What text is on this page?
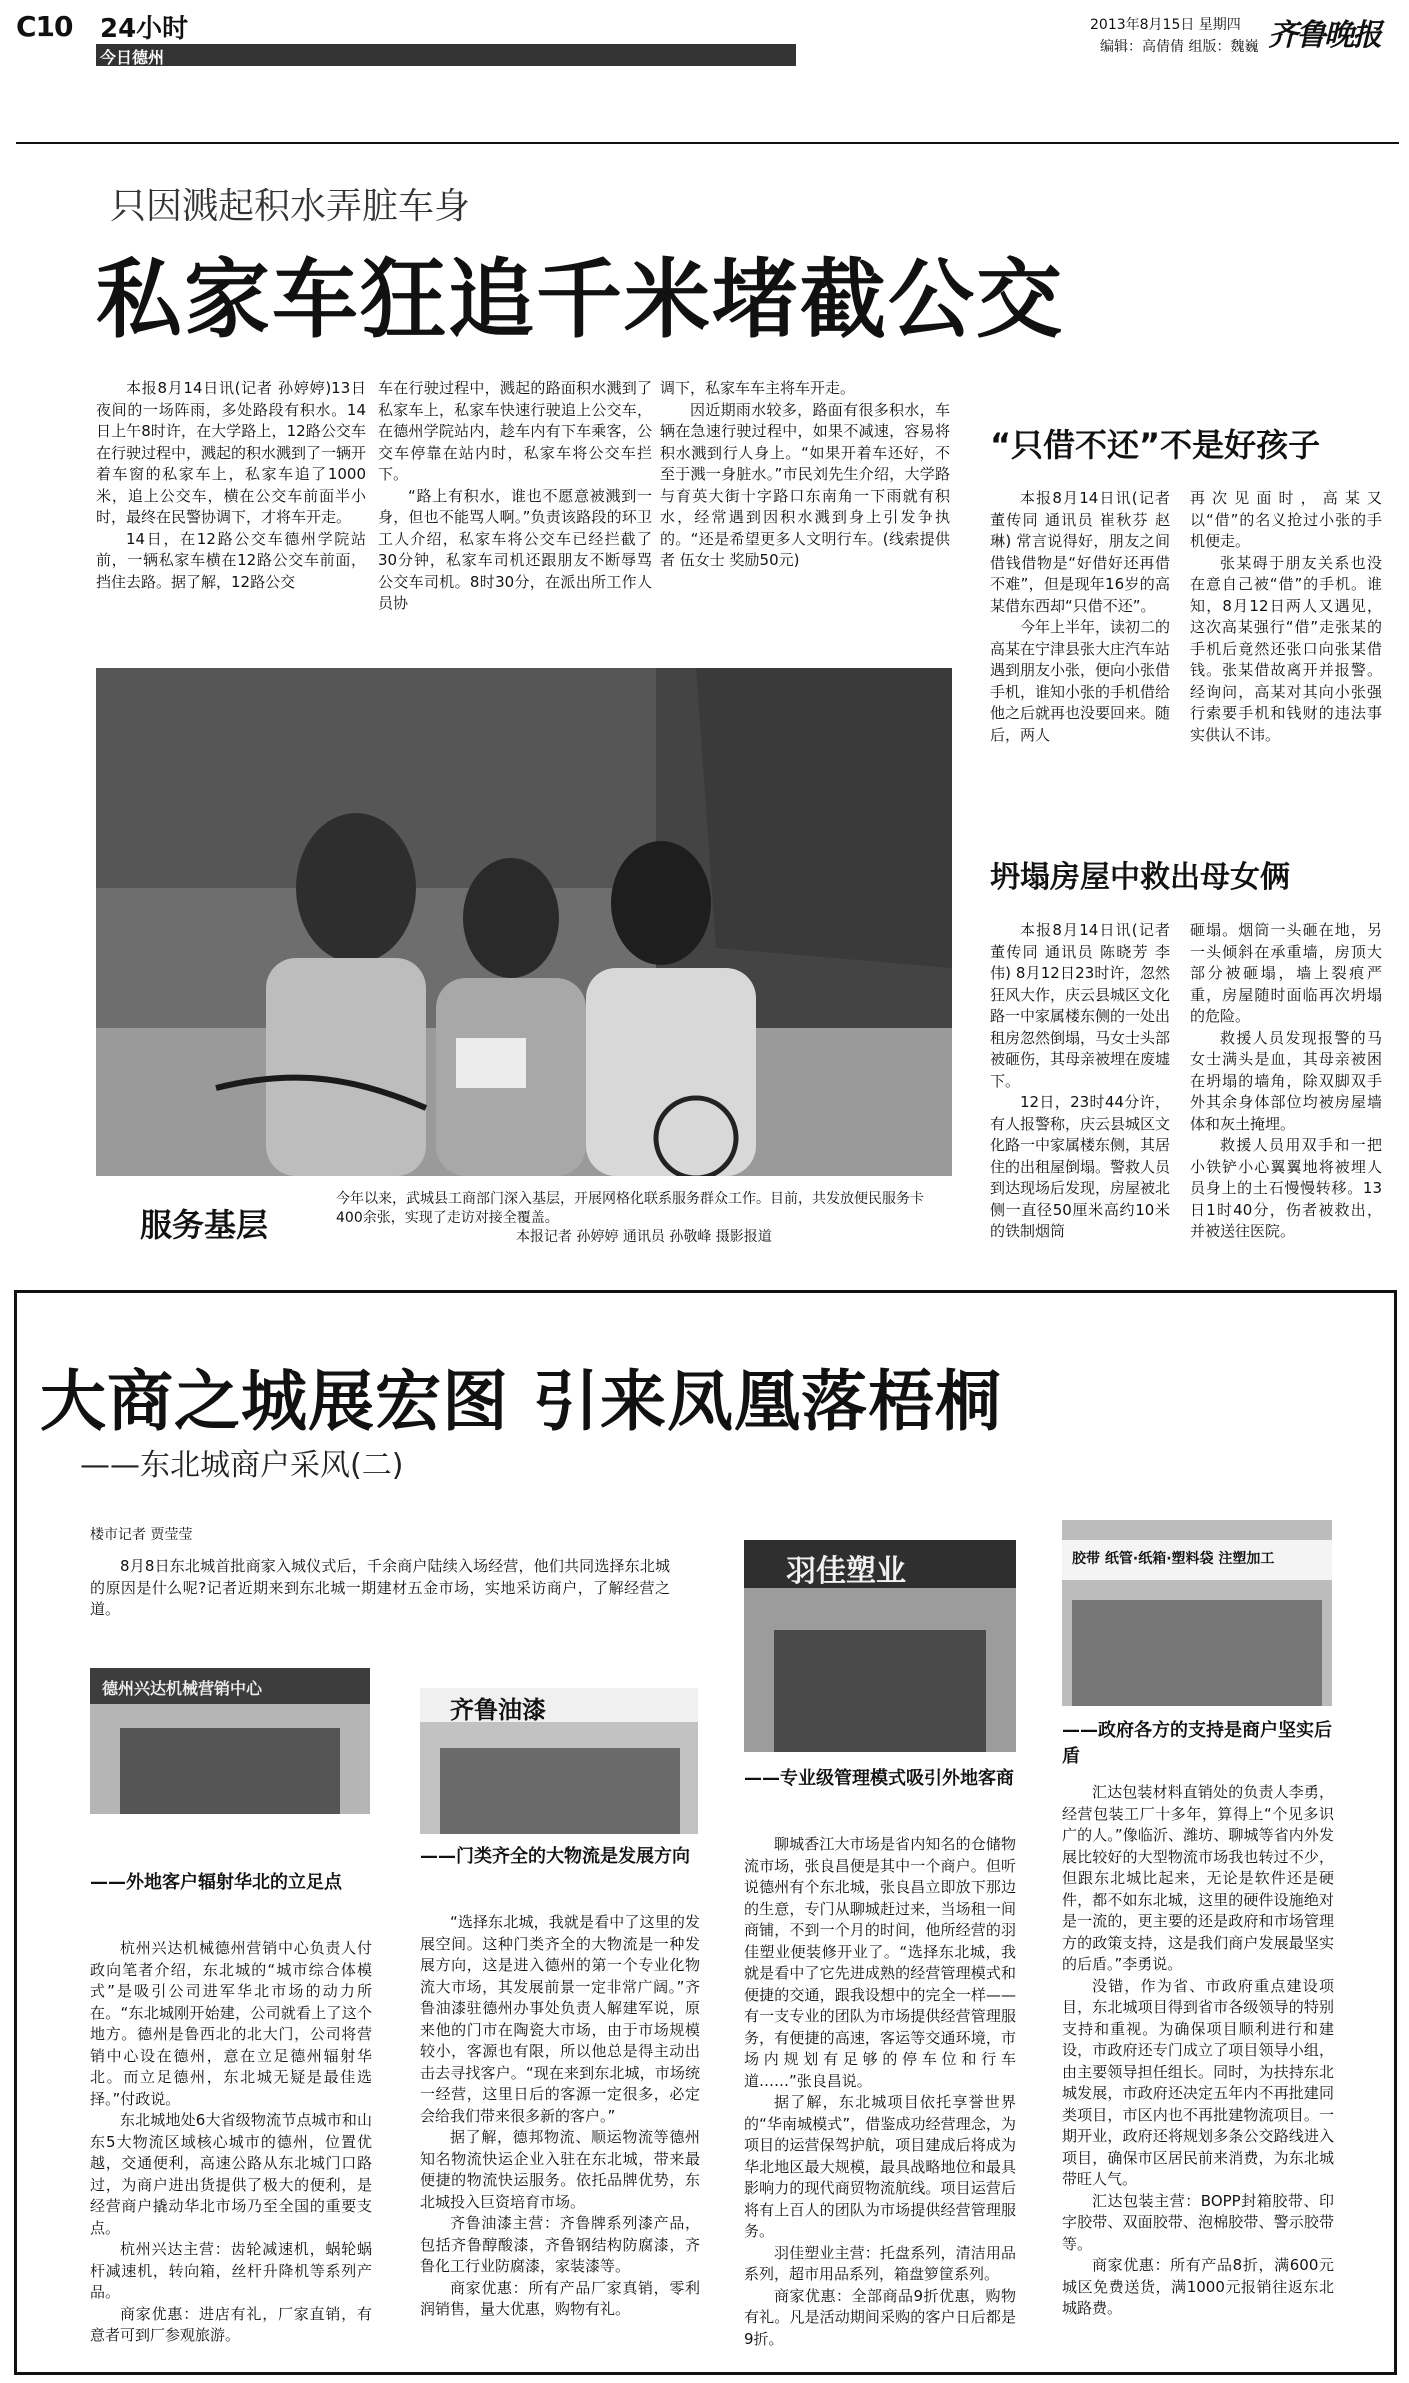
C10 24小时
今日德州
2013年8月15日 星期四
编辑：高倩倩 组版：魏巍 齐鲁晚报
只因溅起积水弄脏车身
私家车狂追千米堵截公交

本报8月14日讯(记者 孙婷婷)13日夜间的一场阵雨，多处路段有积水。14日上午8时许，在大学路上，12路公交车在行驶过程中，溅起的积水溅到了一辆开着车窗的私家车上，私家车追了1000米，追上公交车，横在公交车前面半小时，最终在民警协调下，才将车开走。

14日，在12路公交车德州学院站前，一辆私家车横在12路公交车前面，挡住去路。据了解，12路公交

车在行驶过程中，溅起的路面积水溅到了私家车上，私家车快速行驶追上公交车，在德州学院站内，趁车内有下车乘客，公交车停靠在站内时，私家车将公交车拦下。

“路上有积水，谁也不愿意被溅到一身，但也不能骂人啊。”负责该路段的环卫工人介绍，私家车将公交车已经拦截了30分钟，私家车司机还跟朋友不断辱骂公交车司机。8时30分，在派出所工作人员协

调下，私家车车主将车开走。

因近期雨水较多，路面有很多积水，车辆在急速行驶过程中，如果不减速，容易将积水溅到行人身上。“如果开着车还好，不至于溅一身脏水。”市民刘先生介绍，大学路与育英大街十字路口东南角一下雨就有积水，经常遇到因积水溅到身上引发争执的。“还是希望更多人文明行车。(线索提供者 伍女士 奖励50元)

服务基层
今年以来，武城县工商部门深入基层，开展网格化联系服务群众工作。目前，共发放便民服务卡400余张，实现了走访对接全覆盖。
本报记者 孙婷婷 通讯员 孙敬峰 摄影报道
“只借不还”不是好孩子

本报8月14日讯(记者 董传同 通讯员 崔秋芬 赵琳) 常言说得好，朋友之间借钱借物是“好借好还再借不难”，但是现年16岁的高某借东西却“只借不还”。

今年上半年，读初二的高某在宁津县张大庄汽车站遇到朋友小张，便向小张借手机，谁知小张的手机借给他之后就再也没要回来。随后，两人

再次见面时，高某又以“借”的名义抢过小张的手机便走。

张某碍于朋友关系也没在意自己被“借”的手机。谁知，8月12日两人又遇见，这次高某强行“借”走张某的手机后竟然还张口向张某借钱。张某借故离开并报警。经询问，高某对其向小张强行索要手机和钱财的违法事实供认不讳。

坍塌房屋中救出母女俩

本报8月14日讯(记者 董传同 通讯员 陈晓芳 李伟) 8月12日23时许，忽然狂风大作，庆云县城区文化路一中家属楼东侧的一处出租房忽然倒塌，马女士头部被砸伤，其母亲被埋在废墟下。

12日，23时44分许，有人报警称，庆云县城区文化路一中家属楼东侧，其居住的出租屋倒塌。警救人员到达现场后发现，房屋被北侧一直径50厘米高约10米的铁制烟筒

砸塌。烟筒一头砸在地，另一头倾斜在承重墙，房顶大部分被砸塌，墙上裂痕严重，房屋随时面临再次坍塌的危险。

救援人员发现报警的马女士满头是血，其母亲被困在坍塌的墙角，除双脚双手外其余身体部位均被房屋墙体和灰土掩埋。

救援人员用双手和一把小铁铲小心翼翼地将被埋人员身上的土石慢慢转移。13日1时40分，伤者被救出，并被送往医院。

大商之城展宏图 引来凤凰落梧桐
——东北城商户采风(二)
楼市记者 贾莹莹

8月8日东北城首批商家入城仪式后，千余商户陆续入场经营，他们共同选择东北城的原因是什么呢?记者近期来到东北城一期建材五金市场，实地采访商户，了解经营之道。

德州兴达机械营销中心
——外地客户辐射华北的立足点

杭州兴达机械德州营销中心负责人付政向笔者介绍，东北城的“城市综合体模式”是吸引公司进军华北市场的动力所在。“东北城刚开始建，公司就看上了这个地方。德州是鲁西北的北大门，公司将营销中心设在德州，意在立足德州辐射华北。而立足德州，东北城无疑是最佳选择。”付政说。

东北城地处6大省级物流节点城市和山东5大物流区域核心城市的德州，位置优越，交通便利，高速公路从东北城门口路过，为商户进出货提供了极大的便利，是经营商户撬动华北市场乃至全国的重要支点。

杭州兴达主营：齿轮减速机，蜗轮蜗杆减速机，转向箱，丝杆升降机等系列产品。

商家优惠：进店有礼，厂家直销，有意者可到厂参观旅游。

齐鲁油漆
——门类齐全的大物流是发展方向

“选择东北城，我就是看中了这里的发展空间。这种门类齐全的大物流是一种发展方向，这是进入德州的第一个专业化物流大市场，其发展前景一定非常广阔。”齐鲁油漆驻德州办事处负责人解建军说，原来他的门市在陶瓷大市场，由于市场规模较小，客源也有限，所以他总是得主动出击去寻找客户。“现在来到东北城，市场统一经营，这里日后的客源一定很多，必定会给我们带来很多新的客户。”

据了解，德邦物流、顺运物流等德州知名物流快运企业入驻在东北城，带来最便捷的物流快运服务。依托品牌优势，东北城投入巨资培育市场。

齐鲁油漆主营：齐鲁牌系列漆产品，包括齐鲁醇酸漆，齐鲁钢结构防腐漆，齐鲁化工行业防腐漆，家装漆等。

商家优惠：所有产品厂家真销，零利润销售，量大优惠，购物有礼。

羽佳塑业
——专业级管理模式吸引外地客商

聊城香江大市场是省内知名的仓储物流市场，张良昌便是其中一个商户。但听说德州有个东北城，张良昌立即放下那边的生意，专门从聊城赶过来，当场租一间商铺，不到一个月的时间，他所经营的羽佳塑业便装修开业了。“选择东北城，我就是看中了它先进成熟的经营管理模式和便捷的交通，跟我设想中的完全一样——有一支专业的团队为市场提供经营管理服务，有便捷的高速，客运等交通环境，市场内规划有足够的停车位和行车道……”张良昌说。

据了解，东北城项目依托享誉世界的“华南城模式”，借鉴成功经营理念，为项目的运营保驾护航，项目建成后将成为华北地区最大规模，最具战略地位和最具影响力的现代商贸物流航线。项目运营后将有上百人的团队为市场提供经营管理服务。

羽佳塑业主营：托盘系列，清洁用品系列，超市用品系列，箱盘箩筐系列。

商家优惠：全部商品9折优惠，购物有礼。凡是活动期间采购的客户日后都是9折。

胶带 纸管·纸箱·塑料袋 注塑加工
——政府各方的支持是商户坚实后盾

汇达包装材料直销处的负责人李勇，经营包装工厂十多年，算得上“个见多识广的人。”像临沂、潍坊、聊城等省内外发展比较好的大型物流市场我也转过不少，但跟东北城比起来，无论是软件还是硬件，都不如东北城，这里的硬件设施绝对是一流的，更主要的还是政府和市场管理方的政策支持，这是我们商户发展最坚实的后盾。”李勇说。

没错，作为省、市政府重点建设项目，东北城项目得到省市各级领导的特别支持和重视。为确保项目顺利进行和建设，市政府还专门成立了项目领导小组，由主要领导担任组长。同时，为扶持东北城发展，市政府还决定五年内不再批建同类项目，市区内也不再批建物流项目。一期开业，政府还将规划多条公交路线进入项目，确保市区居民前来消费，为东北城带旺人气。

汇达包装主营：BOPP封箱胶带、印字胶带、双面胶带、泡棉胶带、警示胶带等。

商家优惠：所有产品8折，满600元城区免费送货，满1000元报销往返东北城路费。
